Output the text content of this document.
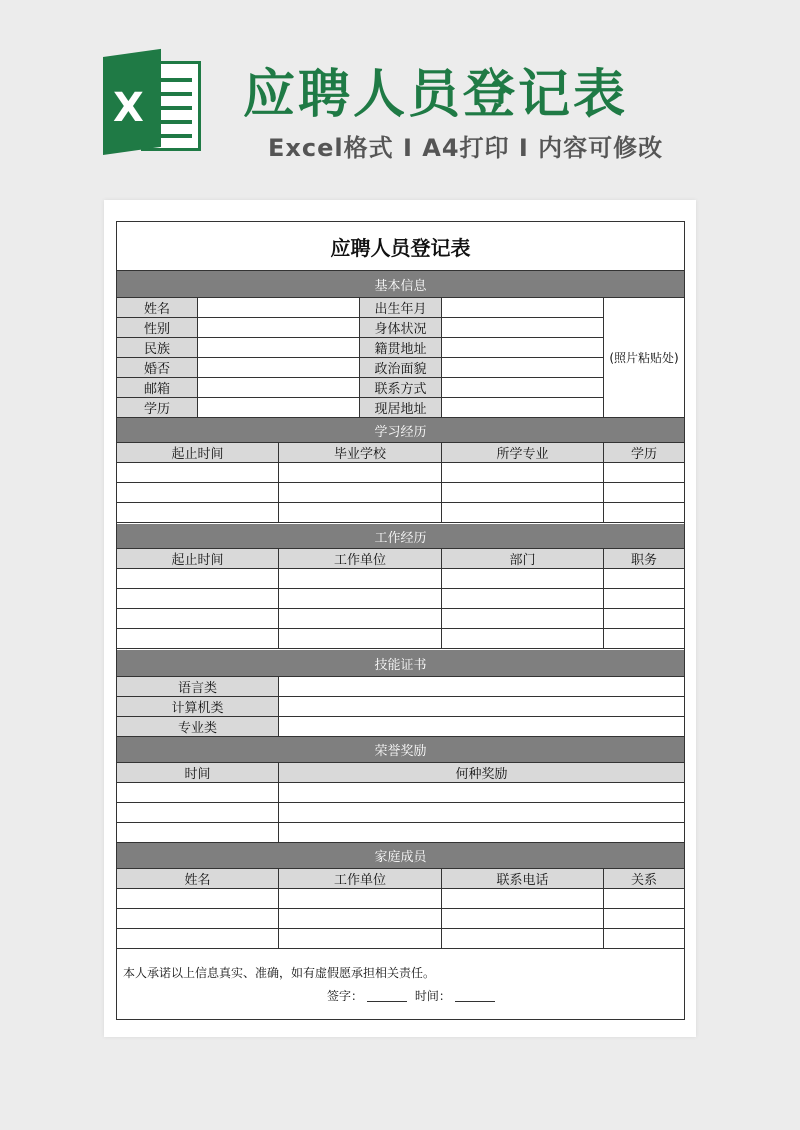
X 应聘人员登记表
Excel格式 Ⅰ A4打印 Ⅰ 内容可修改
应聘人员登记表
基本信息
(照片粘贴处)
学习经历
工作经历
技能证书
荣誉奖励
家庭成员
本人承诺以上信息真实、准确，如有虚假愿承担相关责任。
签字：	时间：
姓名	出生年月
性别	身体状况
民族	籍贯地址
婚否	政治面貌
邮箱	联系方式
学历	现居地址
起止时间	毕业学校	所学专业	学历
起止时间	工作单位	部门	职务
姓名	工作单位	联系电话	关系
语言类
计算机类
专业类
时间	何种奖励
